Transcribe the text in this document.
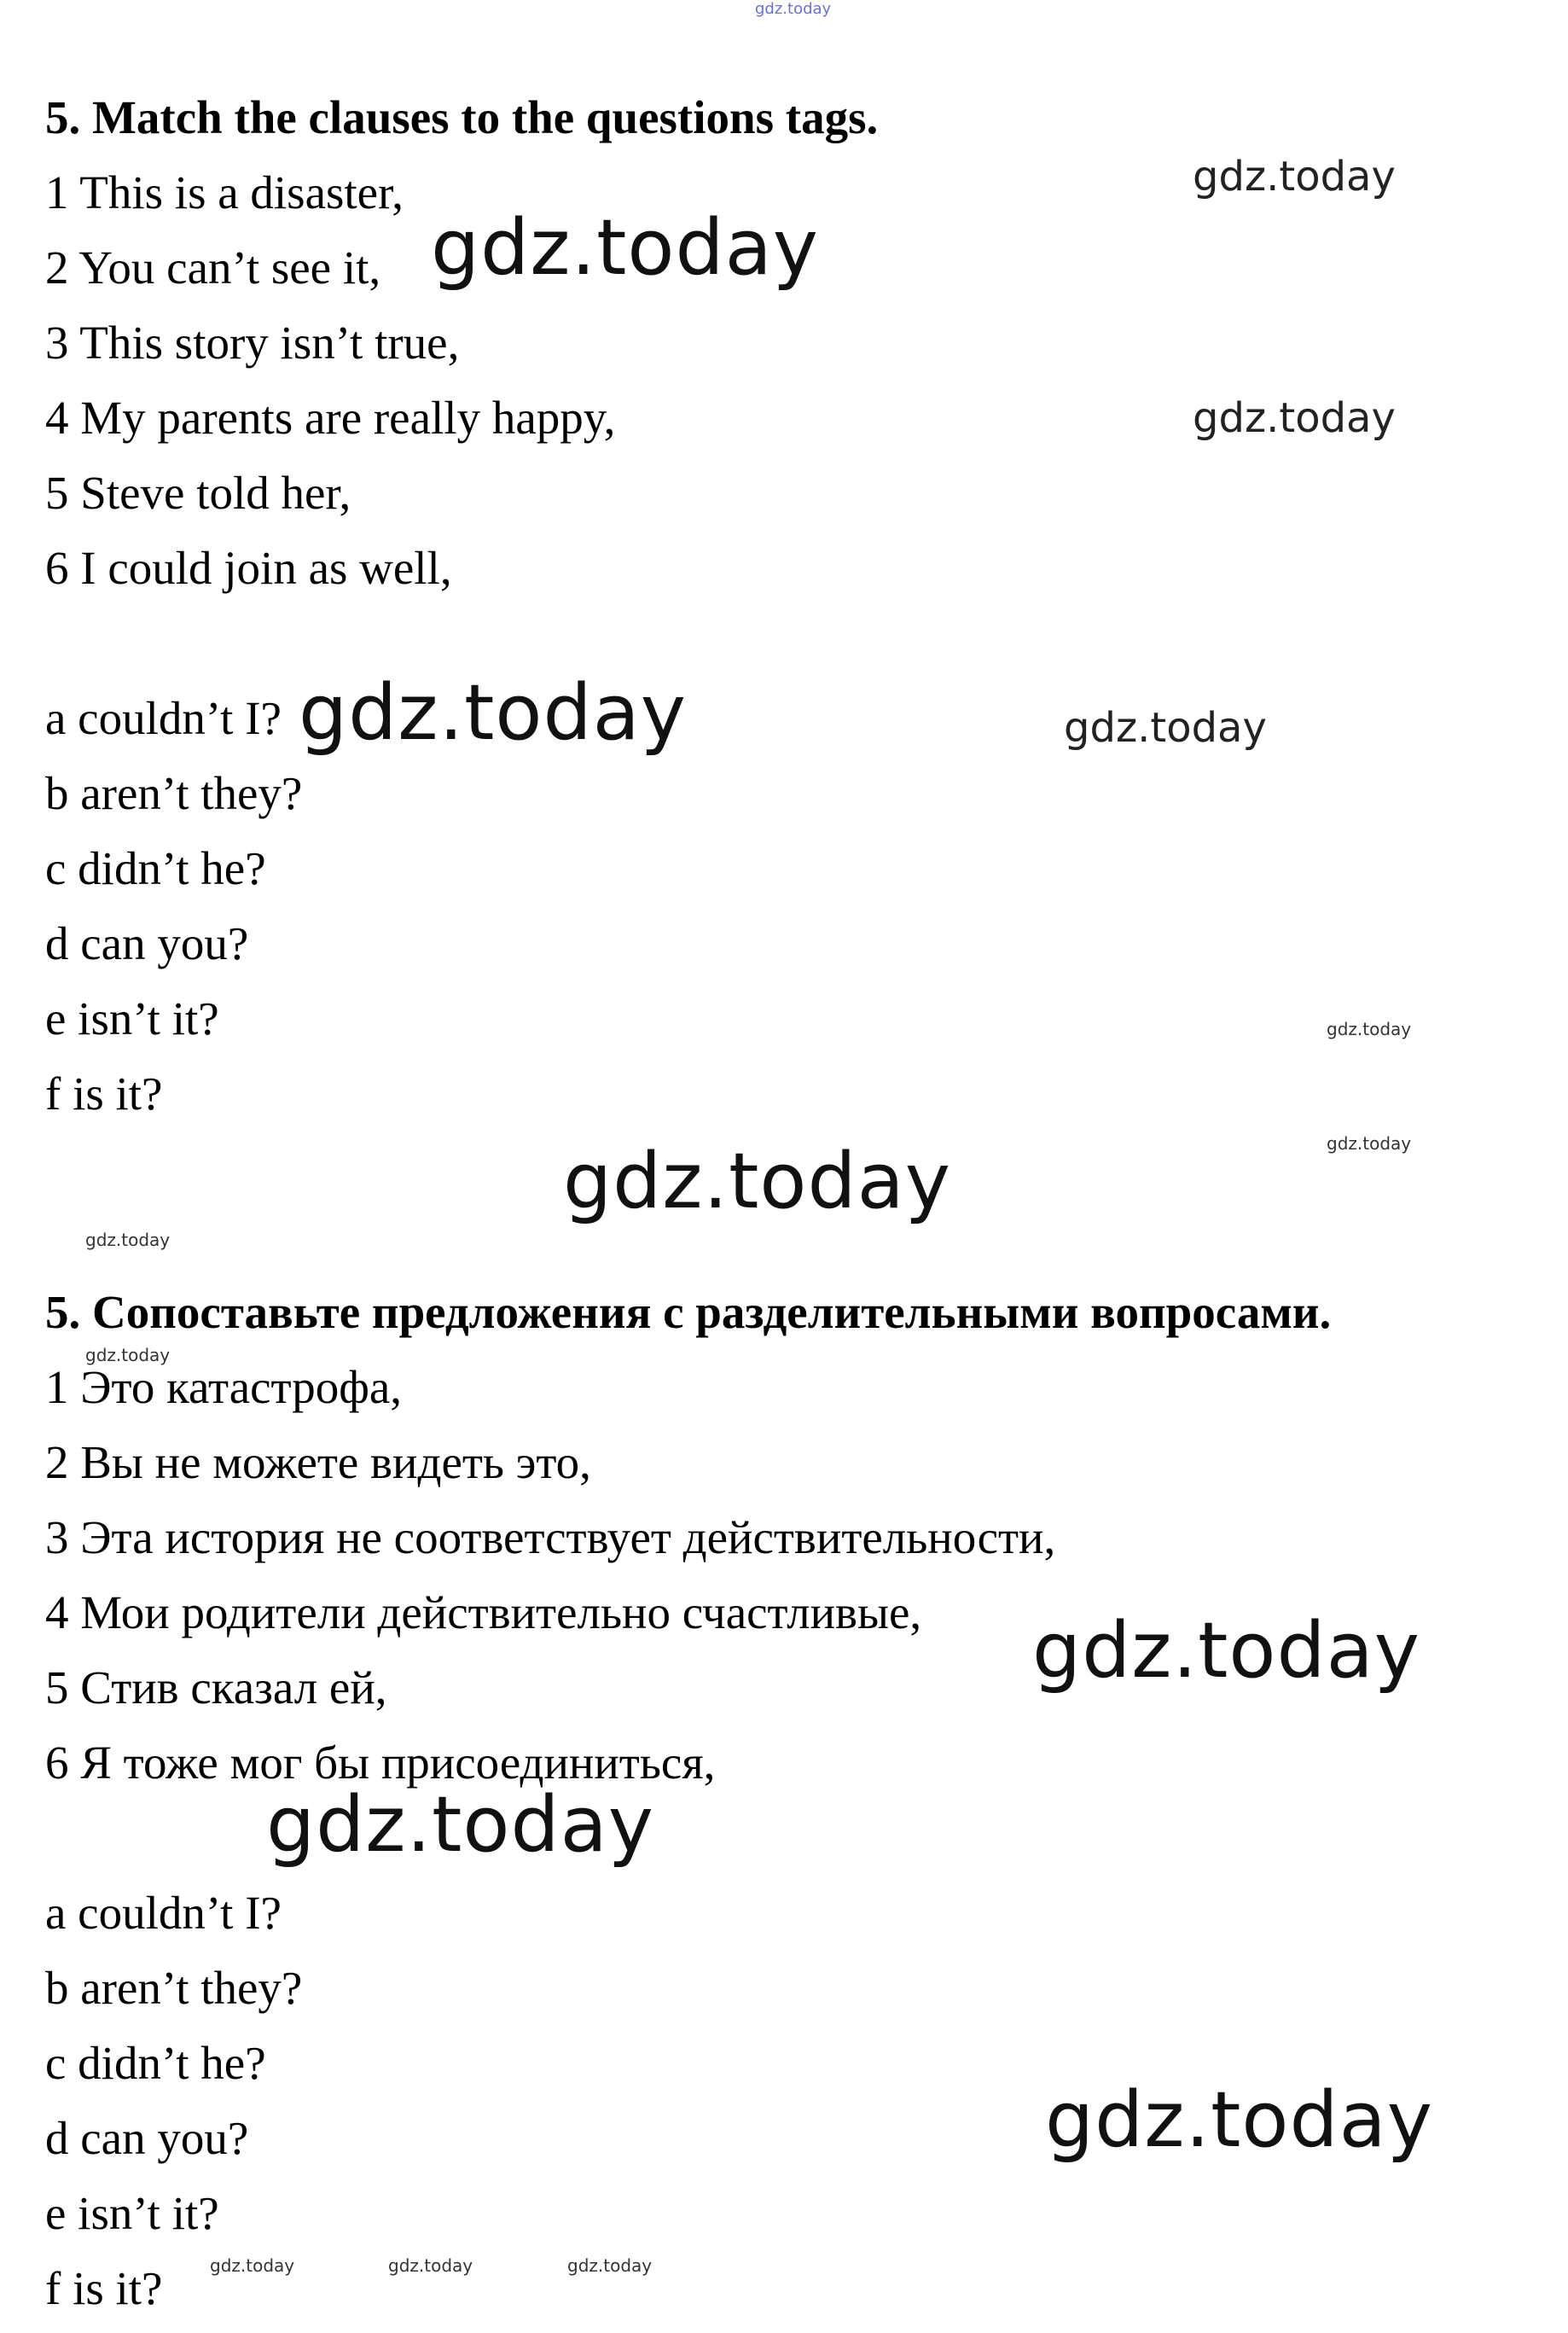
5. Match the clauses to the questions tags.

1 This is a disaster,

2 You can’t see it,

3 This story isn’t true,

4 My parents are really happy,

5 Steve told her,

6 I could join as well,

a couldn’t I?

b aren’t they?

c didn’t he?

d can you?

e isn’t it?

f is it?

5. Сопоставьте предложения с разделительными вопросами.

1 Это катастрофа,

2 Вы не можете видеть это,

3 Эта история не соответствует действительности,

4 Мои родители действительно счастливые,

5 Стив сказал ей,

6 Я тоже мог бы присоединиться,

a couldn’t I?

b aren’t they?

c didn’t he?

d can you?

e isn’t it?

f is it?

gdz.today
gdz.today
gdz.today
gdz.today
gdz.today	gdz.today
gdz.today
gdz.today
gdz.today
gdz.today
gdz.today
gdz.today
gdz.today
gdz.today
gdz.today	gdz.today	gdz.today
